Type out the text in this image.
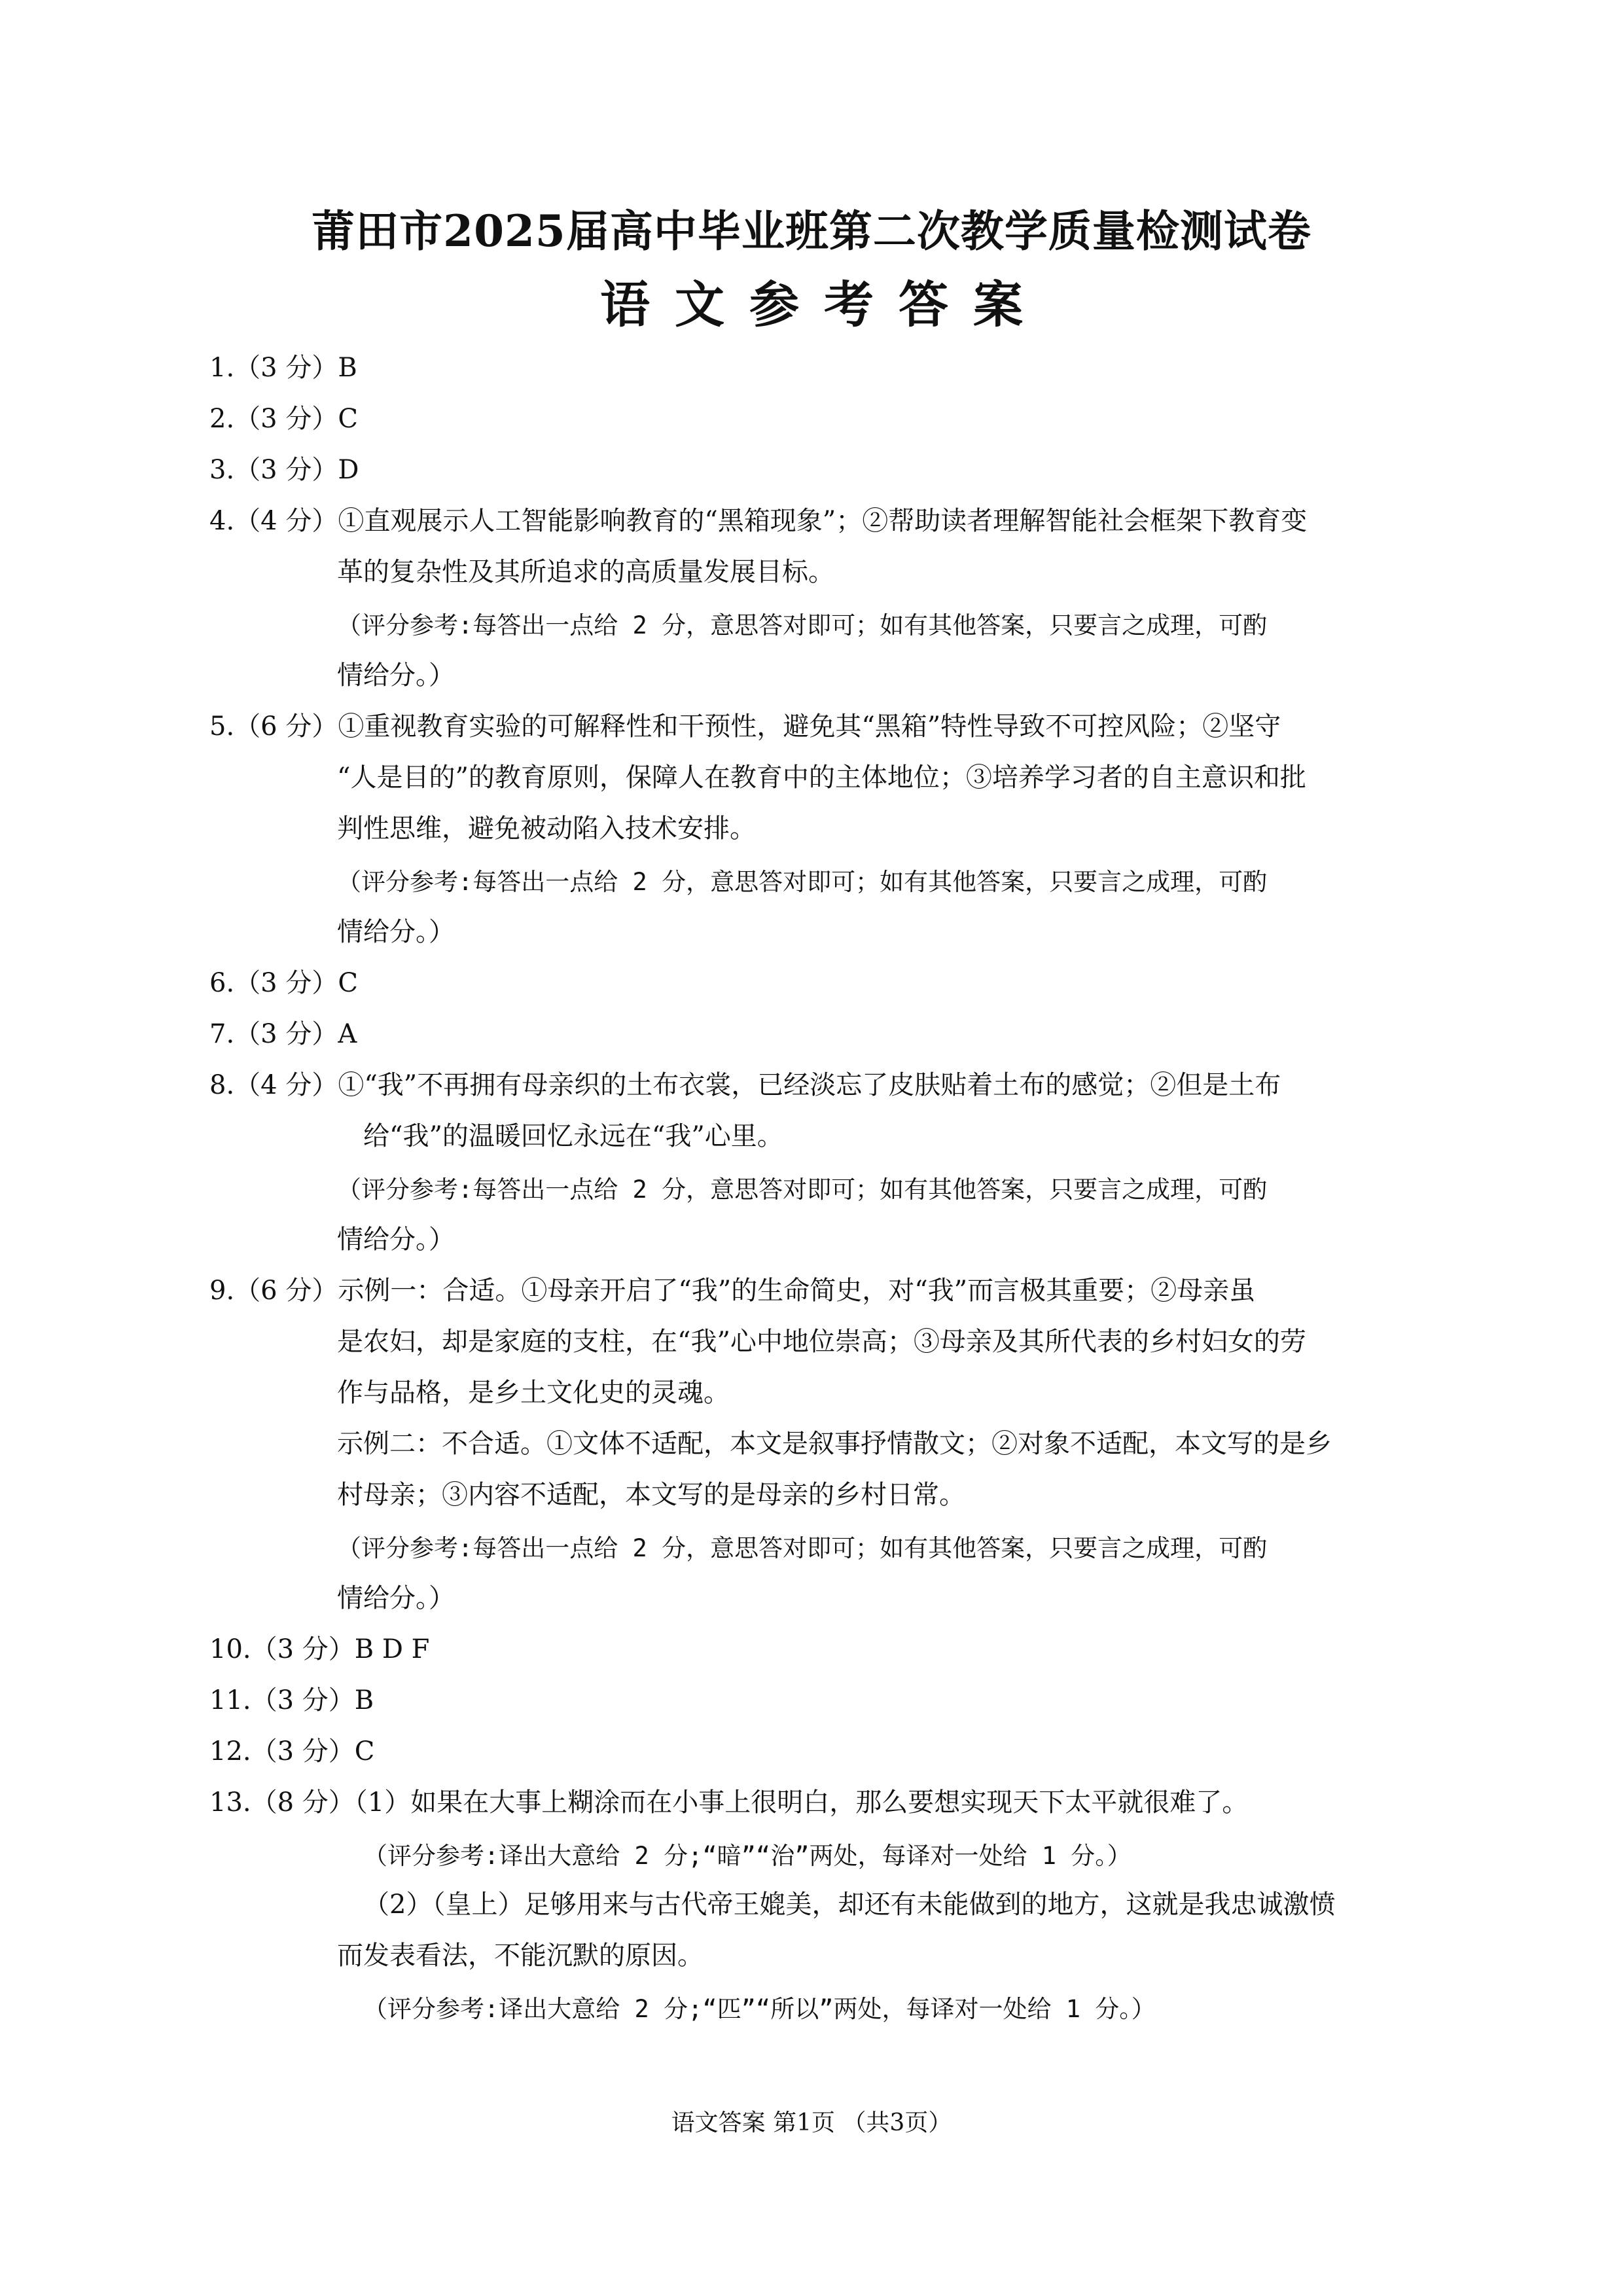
莆田市2025届高中毕业班第二次教学质量检测试卷
语文参考答案
1.（3 分）B
2.（3 分）C
3.（3 分）D
4.（4 分）①直观展示人工智能影响教育的“黑箱现象”；②帮助读者理解智能社会框架下教育变
革的复杂性及其所追求的高质量发展目标。
（评分参考:每答出一点给 2 分，意思答对即可；如有其他答案，只要言之成理，可酌
情给分。）
5.（6 分）①重视教育实验的可解释性和干预性，避免其“黑箱”特性导致不可控风险；②坚守
“人是目的”的教育原则，保障人在教育中的主体地位；③培养学习者的自主意识和批
判性思维，避免被动陷入技术安排。
（评分参考:每答出一点给 2 分，意思答对即可；如有其他答案，只要言之成理，可酌
情给分。）
6.（3 分）C
7.（3 分）A
8.（4 分）①“我”不再拥有母亲织的土布衣裳，已经淡忘了皮肤贴着土布的感觉；②但是土布
给“我”的温暖回忆永远在“我”心里。
（评分参考:每答出一点给 2 分，意思答对即可；如有其他答案，只要言之成理，可酌
情给分。）
9.（6 分）示例一：合适。①母亲开启了“我”的生命简史，对“我”而言极其重要；②母亲虽
是农妇，却是家庭的支柱，在“我”心中地位崇高；③母亲及其所代表的乡村妇女的劳
作与品格，是乡土文化史的灵魂。
示例二：不合适。①文体不适配，本文是叙事抒情散文；②对象不适配，本文写的是乡
村母亲；③内容不适配，本文写的是母亲的乡村日常。
（评分参考:每答出一点给 2 分，意思答对即可；如有其他答案，只要言之成理，可酌
情给分。）
10.（3 分）B D F
11.（3 分）B
12.（3 分）C
13.（8 分）（1）如果在大事上糊涂而在小事上很明白，那么要想实现天下太平就很难了。
（评分参考:译出大意给 2 分;“暗”“治”两处，每译对一处给 1 分。）
（2）（皇上）足够用来与古代帝王媲美，却还有未能做到的地方，这就是我忠诚激愤
而发表看法，不能沉默的原因。
（评分参考:译出大意给 2 分;“匹”“所以”两处，每译对一处给 1 分。）
语文答案 第1页 （共3页）
